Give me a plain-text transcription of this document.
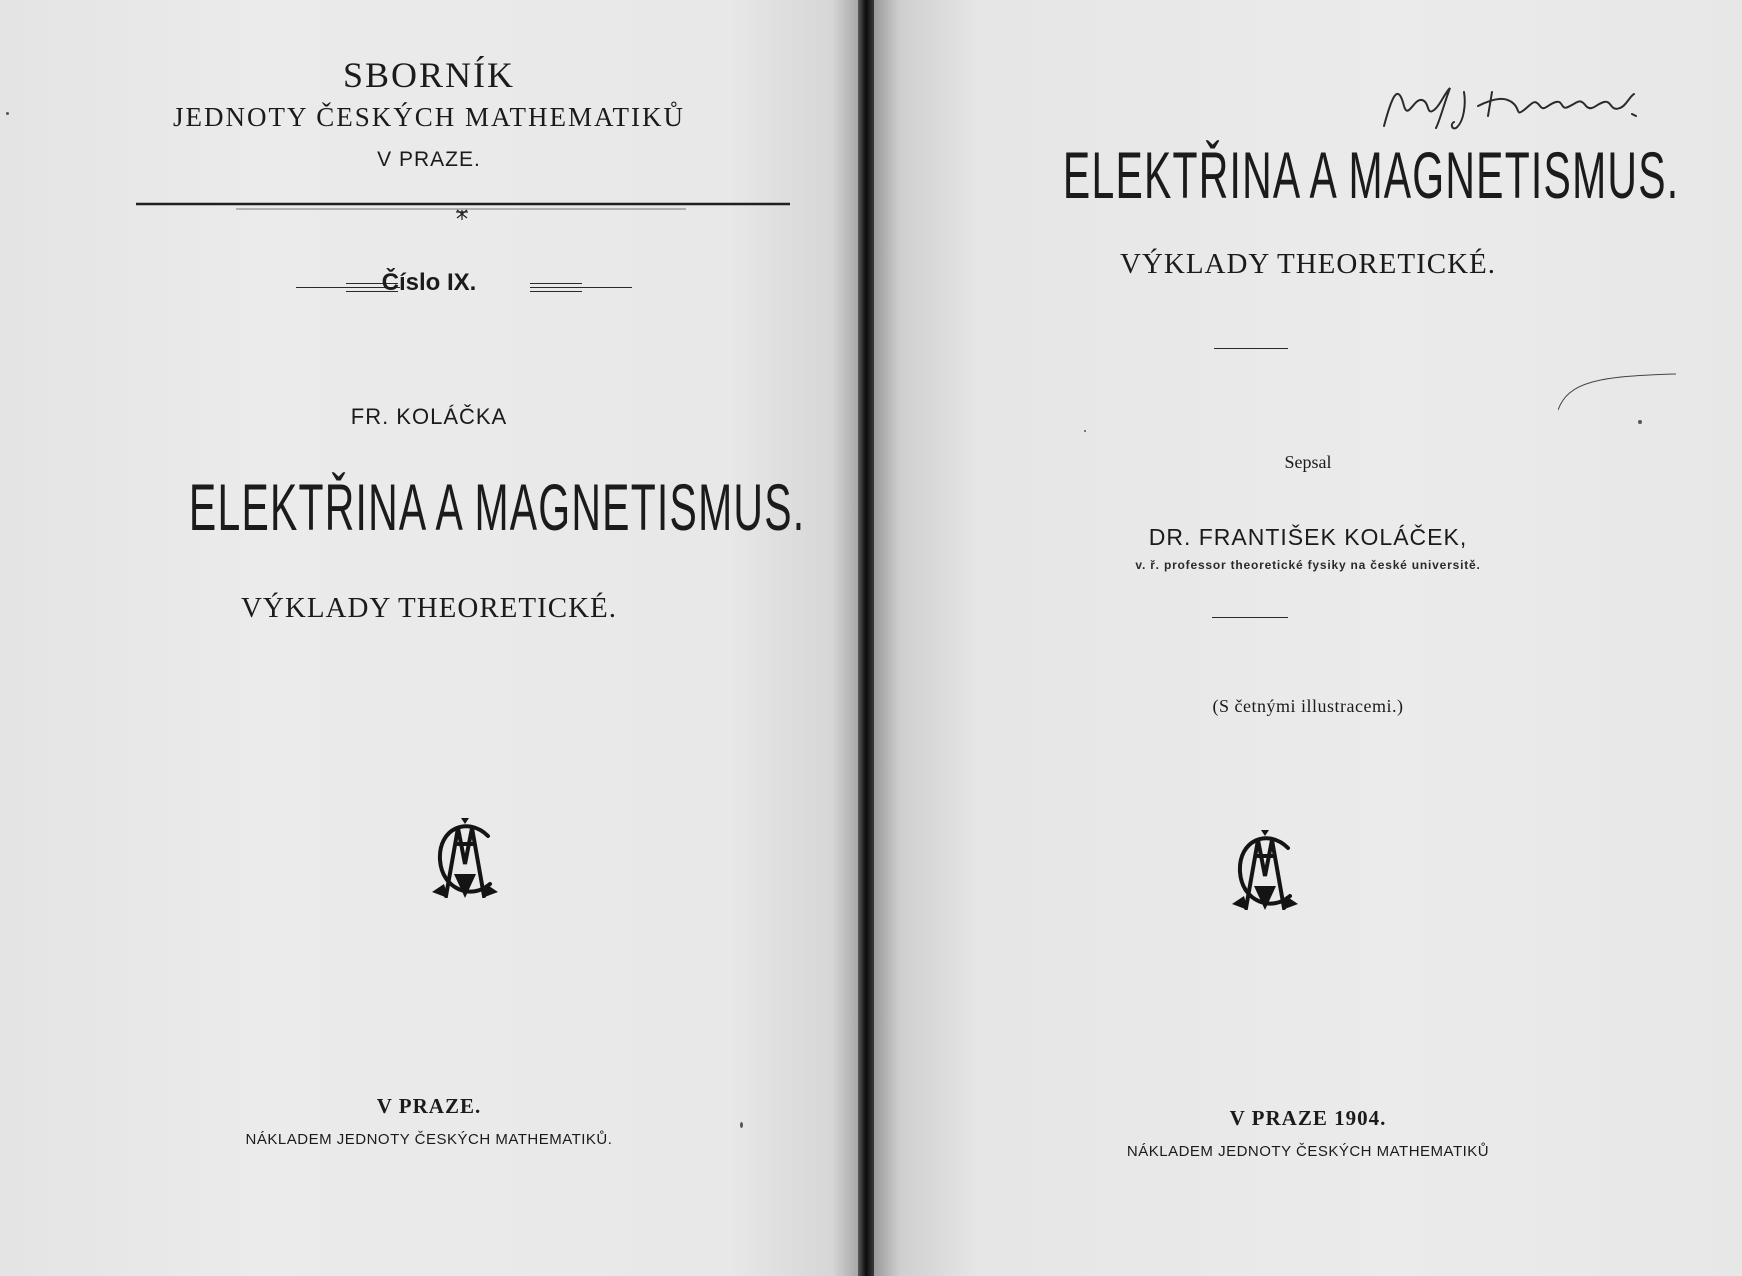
SBORNÍK
JEDNOTY ČESKÝCH MATHEMATIKŮ
V PRAZE.
Číslo IX.
FR. KOLÁČKA
ELEKTŘINA A MAGNETISMUS.
VÝKLADY THEORETICKÉ.
V PRAZE.
NÁKLADEM JEDNOTY ČESKÝCH MATHEMATIKŮ.
ELEKTŘINA A MAGNETISMUS.
VÝKLADY THEORETICKÉ.
Sepsal
DR. FRANTIŠEK KOLÁČEK,
v. ř. professor theoretické fysiky na české universitě.
(S četnými illustracemi.)
V PRAZE 1904.
NÁKLADEM JEDNOTY ČESKÝCH MATHEMATIKŮ
